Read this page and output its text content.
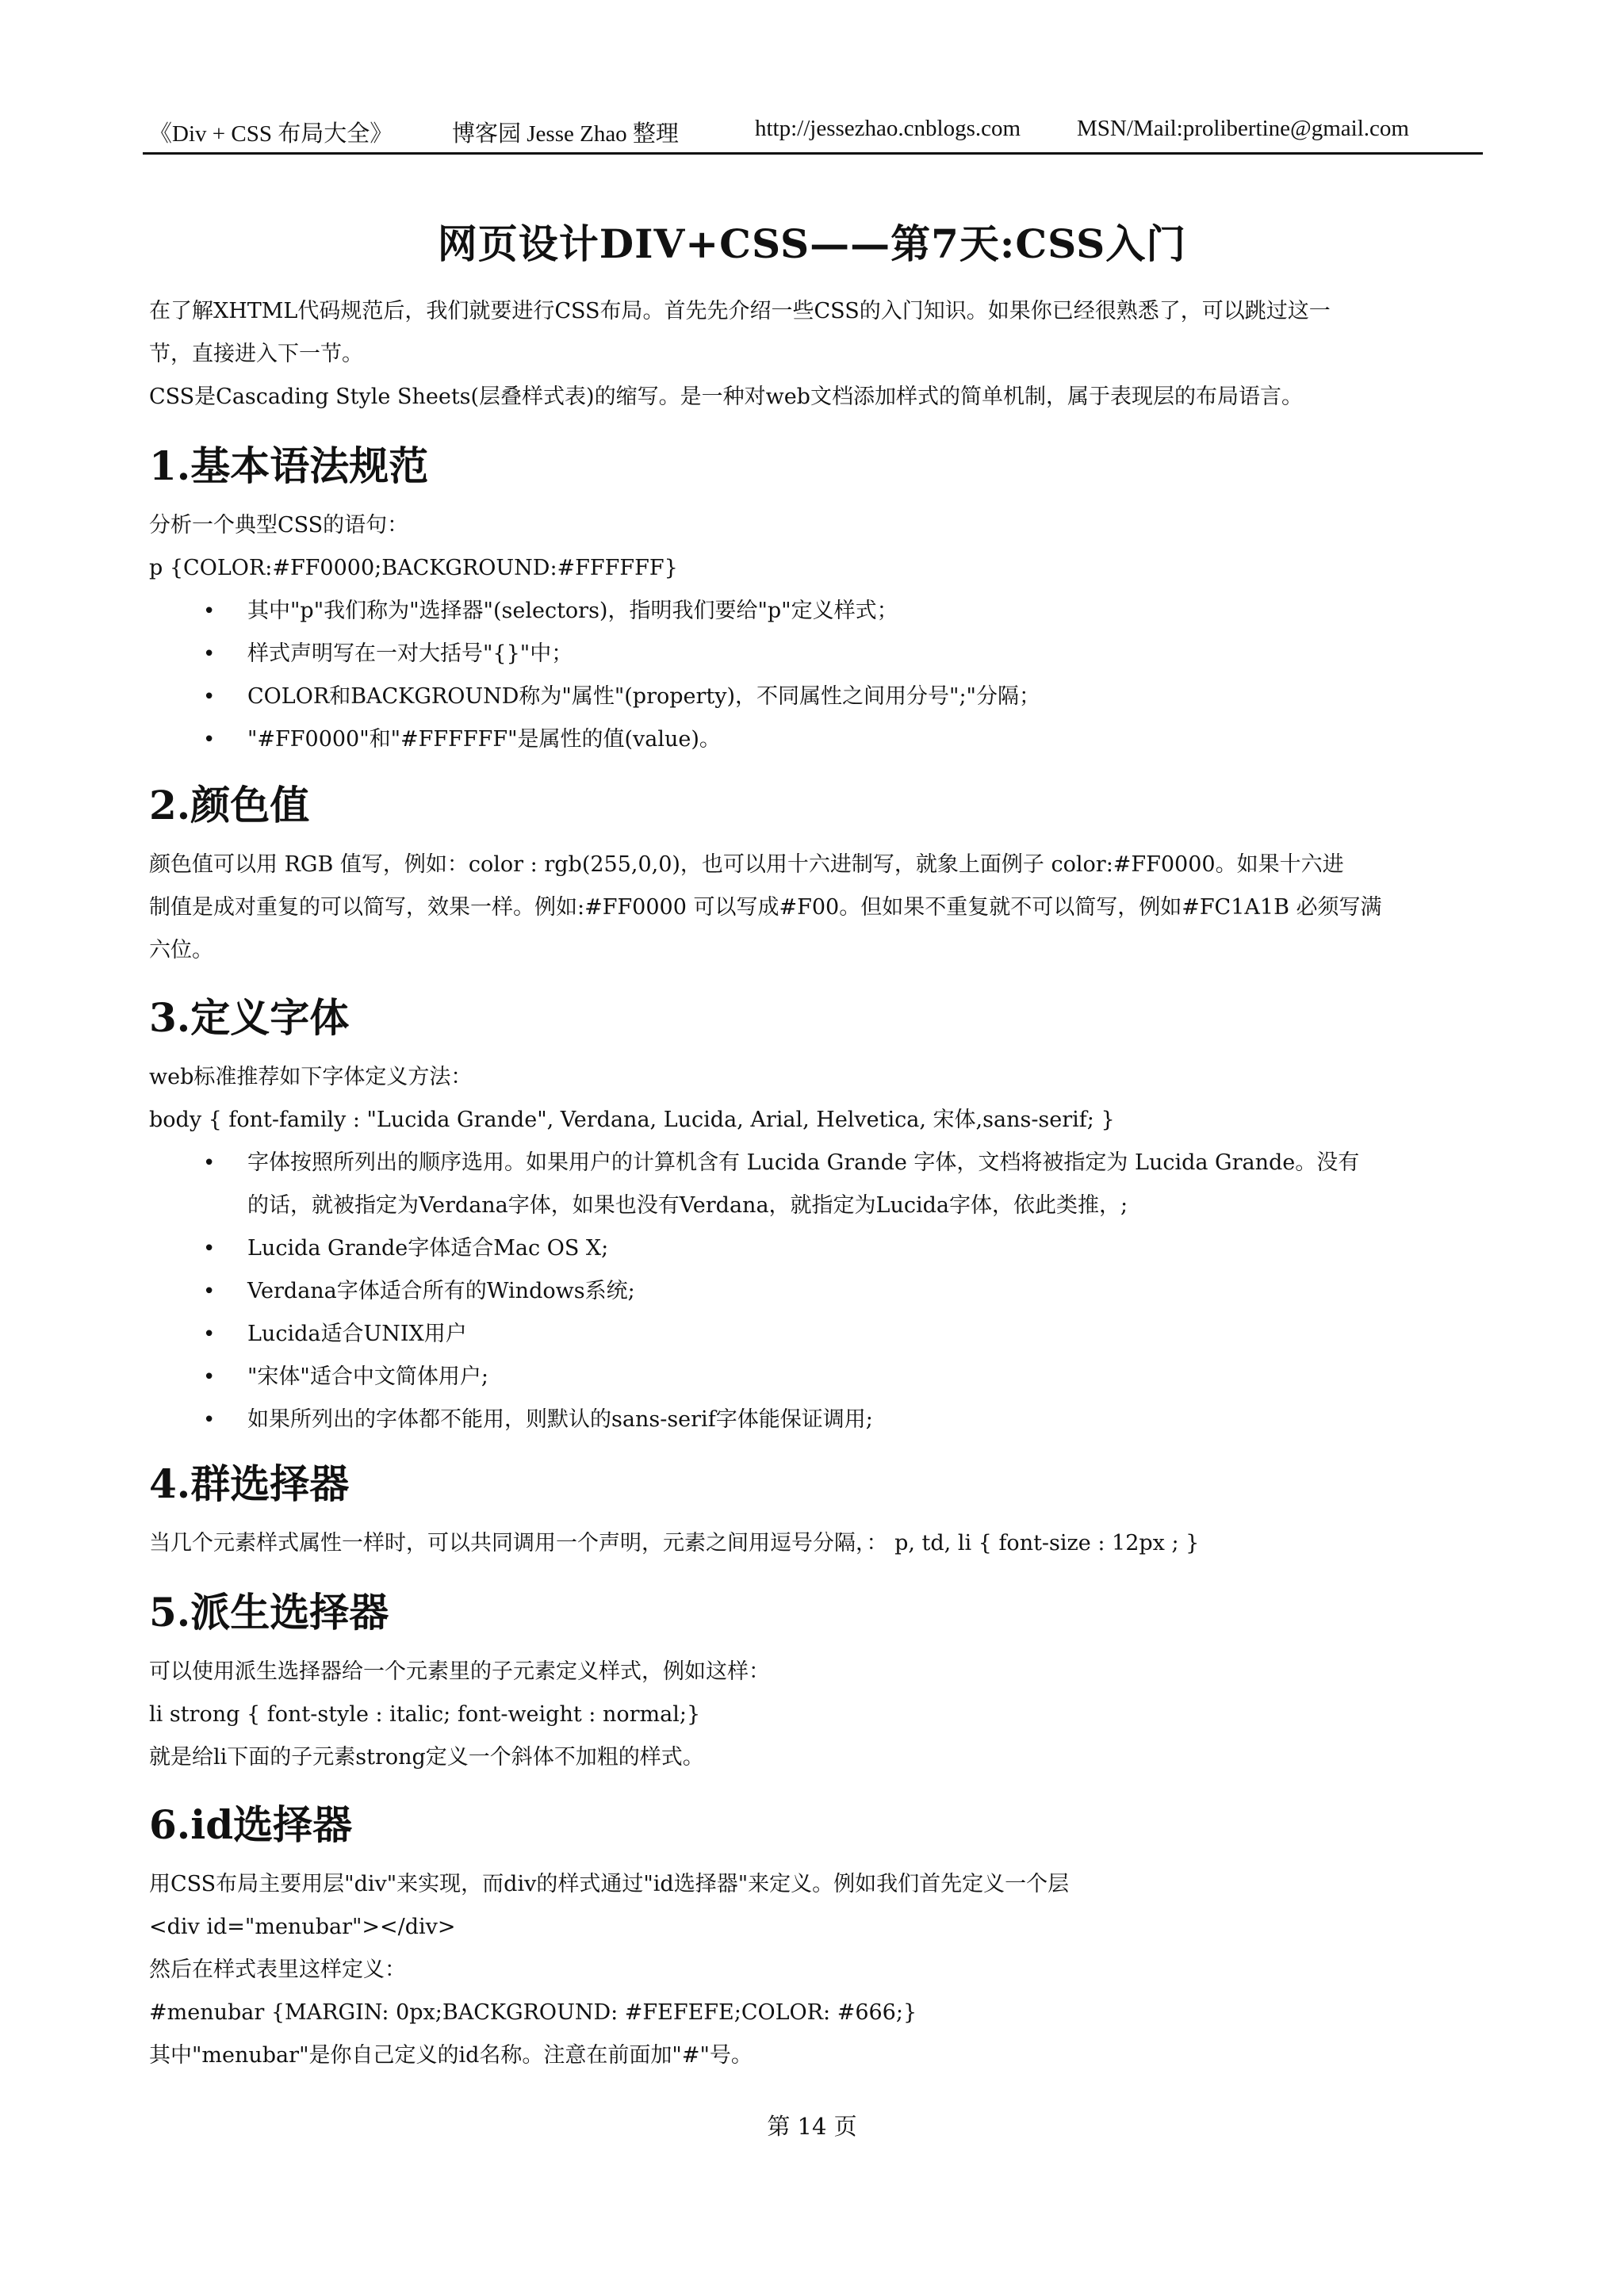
《Div + CSS 布局大全》	博客园 Jesse Zhao 整理	http://jessezhao.cnblogs.com MSN/Mail:prolibertine@gmail.com
网页设计DIV+CSS——第7天:CSS入门
在了解XHTML代码规范后，我们就要进行CSS布局。首先先介绍一些CSS的入门知识。如果你已经很熟悉了，可以跳过这一
节，直接进入下一节。
CSS是Cascading Style Sheets(层叠样式表)的缩写。是一种对web文档添加样式的简单机制，属于表现层的布局语言。
1.基本语法规范
分析一个典型CSS的语句：
p {COLOR:#FF0000;BACKGROUND:#FFFFFF}
• 其中"p"我们称为"选择器"(selectors)，指明我们要给"p"定义样式；
• 样式声明写在一对大括号"{}"中；
• COLOR和BACKGROUND称为"属性"(property)，不同属性之间用分号";"分隔；
• "#FF0000"和"#FFFFFF"是属性的值(value)。
2.颜色值
颜色值可以用 RGB 值写，例如：color : rgb(255,0,0)，也可以用十六进制写，就象上面例子 color:#FF0000。如果十六进
制值是成对重复的可以简写，效果一样。例如:#FF0000 可以写成#F00。但如果不重复就不可以简写，例如#FC1A1B 必须写满
六位。
3.定义字体
web标准推荐如下字体定义方法：
body { font-family : "Lucida Grande", Verdana, Lucida, Arial, Helvetica, 宋体,sans-serif; }
• 字体按照所列出的顺序选用。如果用户的计算机含有 Lucida Grande 字体，文档将被指定为 Lucida Grande。没有
的话，就被指定为Verdana字体，如果也没有Verdana，就指定为Lucida字体，依此类推，;
• Lucida Grande字体适合Mac OS X;
• Verdana字体适合所有的Windows系统;
• Lucida适合UNIX用户
• "宋体"适合中文简体用户;
• 如果所列出的字体都不能用，则默认的sans-serif字体能保证调用;
4.群选择器
当几个元素样式属性一样时，可以共同调用一个声明，元素之间用逗号分隔，： p, td, li { font-size : 12px ; }
5.派生选择器
可以使用派生选择器给一个元素里的子元素定义样式，例如这样：
li strong { font-style : italic; font-weight : normal;}
就是给li下面的子元素strong定义一个斜体不加粗的样式。
6.id选择器
用CSS布局主要用层"div"来实现，而div的样式通过"id选择器"来定义。例如我们首先定义一个层
<div id="menubar"></div>
然后在样式表里这样定义：
#menubar {MARGIN: 0px;BACKGROUND: #FEFEFE;COLOR: #666;}
其中"menubar"是你自己定义的id名称。注意在前面加"#"号。
第 14 页
